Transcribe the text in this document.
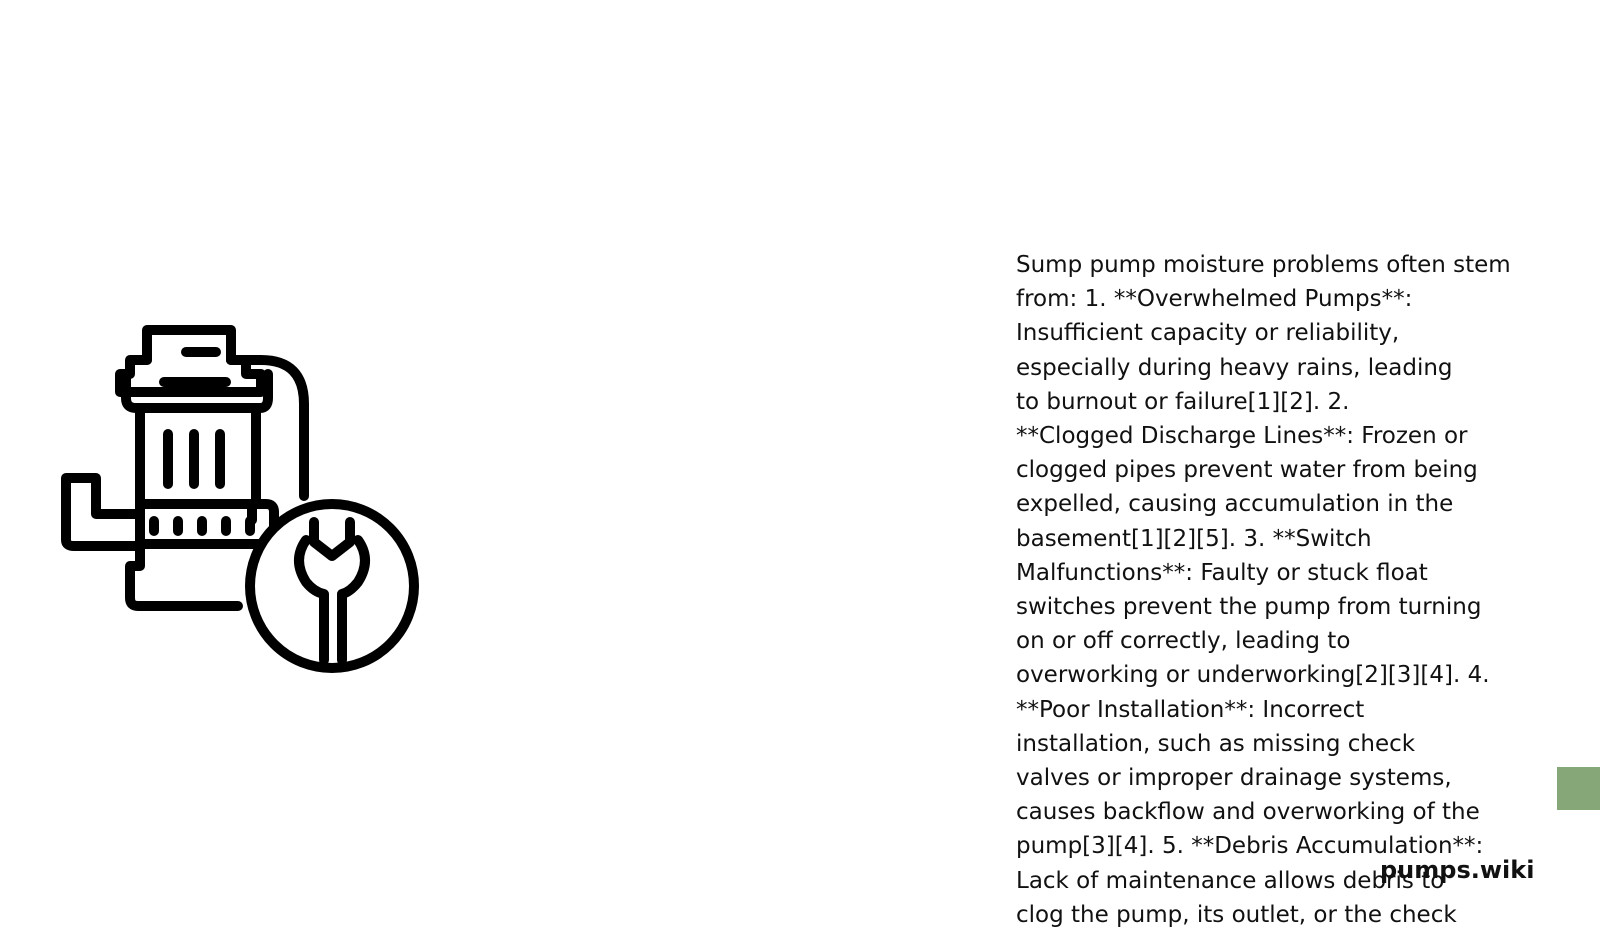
Sump pump moisture problems often stem
from: 1. **Overwhelmed Pumps**:
Insufficient capacity or reliability,
especially during heavy rains, leading
to burnout or failure[1][2]. 2.
**Clogged Discharge Lines**: Frozen or
clogged pipes prevent water from being
expelled, causing accumulation in the
basement[1][2][5]. 3. **Switch
Malfunctions**: Faulty or stuck float
switches prevent the pump from turning
on or off correctly, leading to
overworking or underworking[2][3][4]. 4.
**Poor Installation**: Incorrect
installation, such as missing check
valves or improper drainage systems,
causes backflow and overworking of the
pump[3][4]. 5. **Debris Accumulation**:
Lack of maintenance allows debris to
clog the pump, its outlet, or the check

pumps.wiki
